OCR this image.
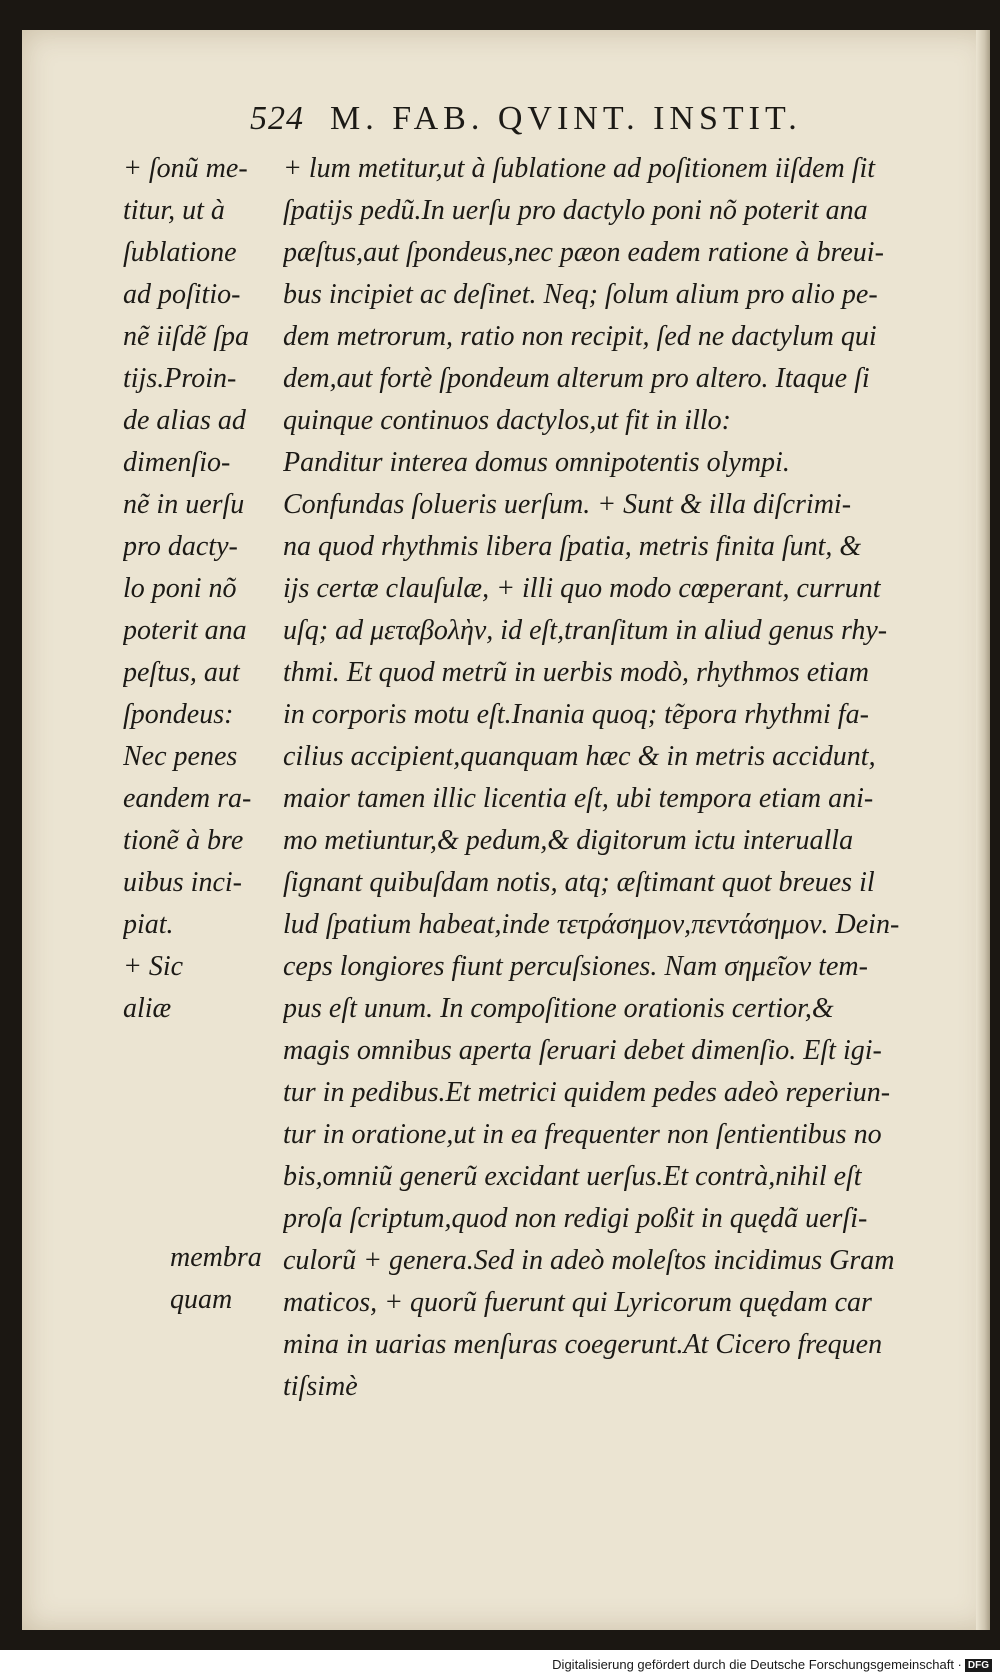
524 M. FAB. QVINT. INSTIT.
+ lum metitur,ut à ſublatione ad poſitionem iiſdem ſit
ſpatijs pedũ.In uerſu pro dactylo poni nõ poterit ana
pæſtus,aut ſpondeus,nec pæon eadem ratione à breui-
bus incipiet ac deſinet. Neq; ſolum alium pro alio pe-
dem metrorum, ratio non recipit, ſed ne dactylum qui
dem,aut fortè ſpondeum alterum pro altero. Itaque ſi
quinque continuos dactylos,ut fit in illo:
Panditur interea domus omnipotentis olympi.
Confundas ſolueris uerſum. + Sunt & illa diſcrimi-
na quod rhythmis libera ſpatia, metris finita ſunt, &
ijs certæ clauſulæ, + illi quo modo cœperant, currunt
uſq; ad μεταβολὴν, id eſt,tranſitum in aliud genus rhy-
thmi. Et quod metrũ in uerbis modò, rhythmos etiam
in corporis motu eſt.Inania quoq; tẽpora rhythmi fa-
cilius accipient,quanquam hæc & in metris accidunt,
maior tamen illic licentia eſt, ubi tempora etiam ani-
mo metiuntur,& pedum,& digitorum ictu interualla
ſignant quibuſdam notis, atq; æſtimant quot breues il
lud ſpatium habeat,inde τετράσημον,πεντάσημον. Dein-
ceps longiores fiunt percuſsiones. Nam σημεῖον tem-
pus eſt unum. In compoſitione orationis certior,&
magis omnibus aperta ſeruari debet dimenſio. Eſt igi-
tur in pedibus.Et metrici quidem pedes adeò reperiun-
tur in oratione,ut in ea frequenter non ſentientibus no
bis,omniũ generũ excidant uerſus.Et contrà,nihil eſt
proſa ſcriptum,quod non redigi poßit in quędã uerſi-
culorũ + genera.Sed in adeò moleſtos incidimus Gram
maticos, + quorũ fuerunt qui Lyricorum quędam car
mina in uarias menſuras coegerunt.At Cicero frequen
tiſsimè
+ ſonũ me-
titur, ut à
ſublatione
ad poſitio-
nẽ iiſdẽ ſpa
tijs.Proin-
de alias ad
dimenſio-
nẽ in uerſu
pro dacty-
lo poni nõ
poterit ana
peſtus, aut
ſpondeus:
Nec penes
eandem ra-
tionẽ à bre
uibus inci-
piat.
+ Sic
aliæ
membra
quam
Digitalisierung gefördert durch die Deutsche Forschungsgemeinschaft · DFG
